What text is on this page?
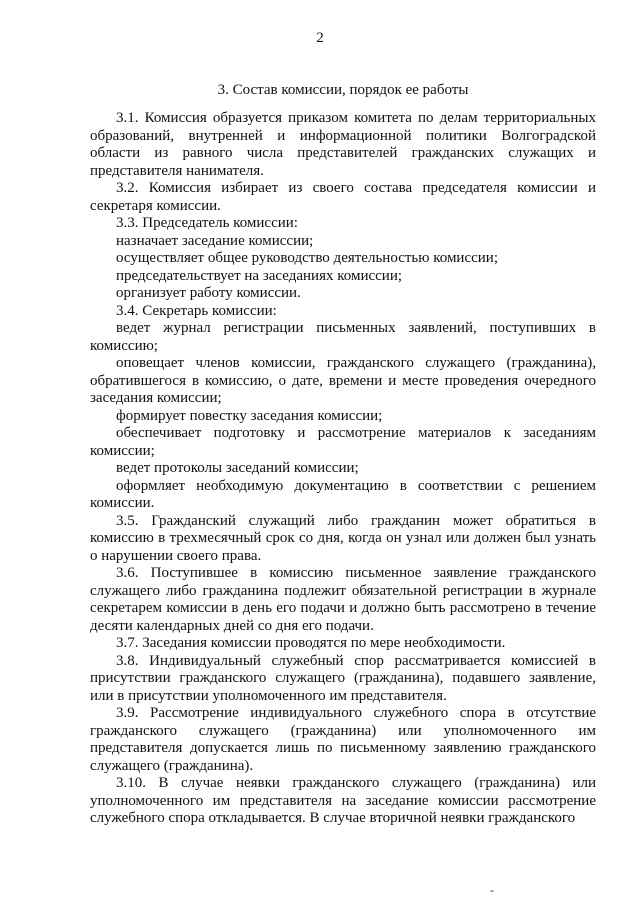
2
3. Состав комиссии, порядок ее работы

3.1. Комиссия образуется приказом комитета по делам территориальных образований, внутренней и информационной политики Волгоградской области из равного числа представителей гражданских служащих и представителя нанимателя.

3.2. Комиссия избирает из своего состава председателя комиссии и секретаря комиссии.

3.3. Председатель комиссии:

назначает заседание комиссии;

осуществляет общее руководство деятельностью комиссии;

председательствует на заседаниях комиссии;

организует работу комиссии.

3.4. Секретарь комиссии:

ведет журнал регистрации письменных заявлений, поступивших в комиссию;

оповещает членов комиссии, гражданского служащего (гражданина), обратившегося в комиссию, о дате, времени и месте проведения очередного заседания комиссии;

формирует повестку заседания комиссии;

обеспечивает подготовку и рассмотрение материалов к заседаниям комиссии;

ведет протоколы заседаний комиссии;

оформляет необходимую документацию в соответствии с решением комиссии.

3.5. Гражданский служащий либо гражданин может обратиться в комиссию в трехмесячный срок со дня, когда он узнал или должен был узнать о нарушении своего права.

3.6. Поступившее в комиссию письменное заявление гражданского служащего либо гражданина подлежит обязательной регистрации в журнале секретарем комиссии в день его подачи и должно быть рассмотрено в течение десяти календарных дней со дня его подачи.

3.7. Заседания комиссии проводятся по мере необходимости.

3.8. Индивидуальный служебный спор рассматривается комиссией в присутствии гражданского служащего (гражданина), подавшего заявление, или в присутствии уполномоченного им представителя.

3.9. Рассмотрение индивидуального служебного спора в отсутствие гражданского служащего (гражданина) или уполномоченного им представителя допускается лишь по письменному заявлению гражданского служащего (гражданина).

3.10. В случае неявки гражданского служащего (гражданина) или уполномоченного им представителя на заседание комиссии рассмотрение служебного спора откладывается. В случае вторичной неявки гражданского

-
